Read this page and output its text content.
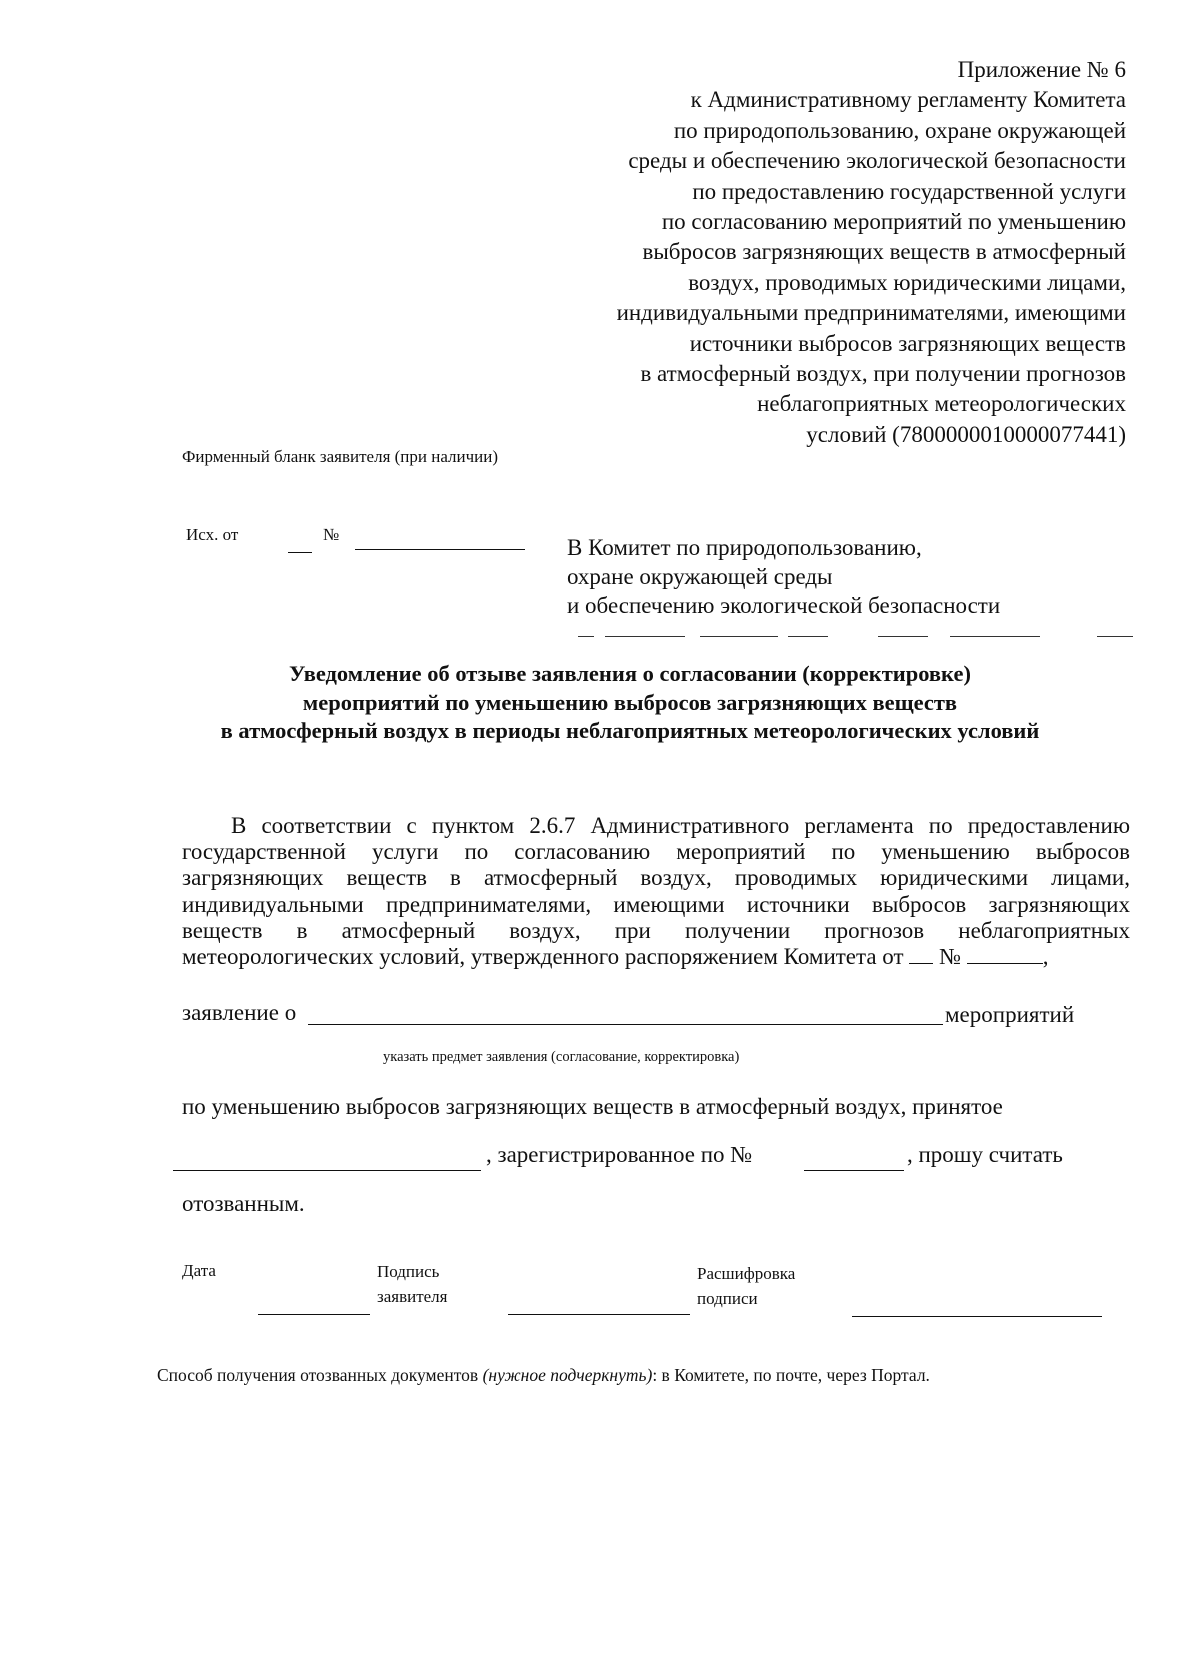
Приложение № 6
к Административному регламенту Комитета
по природопользованию, охране окружающей
среды и обеспечению экологической безопасности
по предоставлению государственной услуги
по согласованию мероприятий по уменьшению
выбросов загрязняющих веществ в атмосферный
воздух, проводимых юридическими лицами,
индивидуальными предпринимателями, имеющими
источники выбросов загрязняющих веществ
в атмосферный воздух, при получении прогнозов
неблагоприятных метеорологических
условий (7800000010000077441)
Фирменный бланк заявителя (при наличии)
Исх. от	№
В Комитет по природопользованию,
охране окружающей среды
и обеспечению экологической безопасности
Уведомление об отзыве заявления о согласовании (корректировке)
мероприятий по уменьшению выбросов загрязняющих веществ
в атмосферный воздух в периоды неблагоприятных метеорологических условий
В соответствии с пунктом 2.6.7 Административного регламента по предоставлению
государственной услуги по согласованию мероприятий по уменьшению выбросов
загрязняющих веществ в атмосферный воздух, проводимых юридическими лицами,
индивидуальными предпринимателями, имеющими источники выбросов загрязняющих
веществ в атмосферный воздух, при получении прогнозов неблагоприятных
метеорологических условий, утвержденного распоряжением Комитета от №	,
заявление о	мероприятий
указать предмет заявления (согласование, корректировка)
по уменьшению выбросов загрязняющих веществ в атмосферный воздух, принятое
, зарегистрированное по №	, прошу считать
отозванным.
Дата	Подпись
заявителя
Расшифровка
подписи
Способ получения отозванных документов (нужное подчеркнуть): в Комитете, по почте, через Портал.
